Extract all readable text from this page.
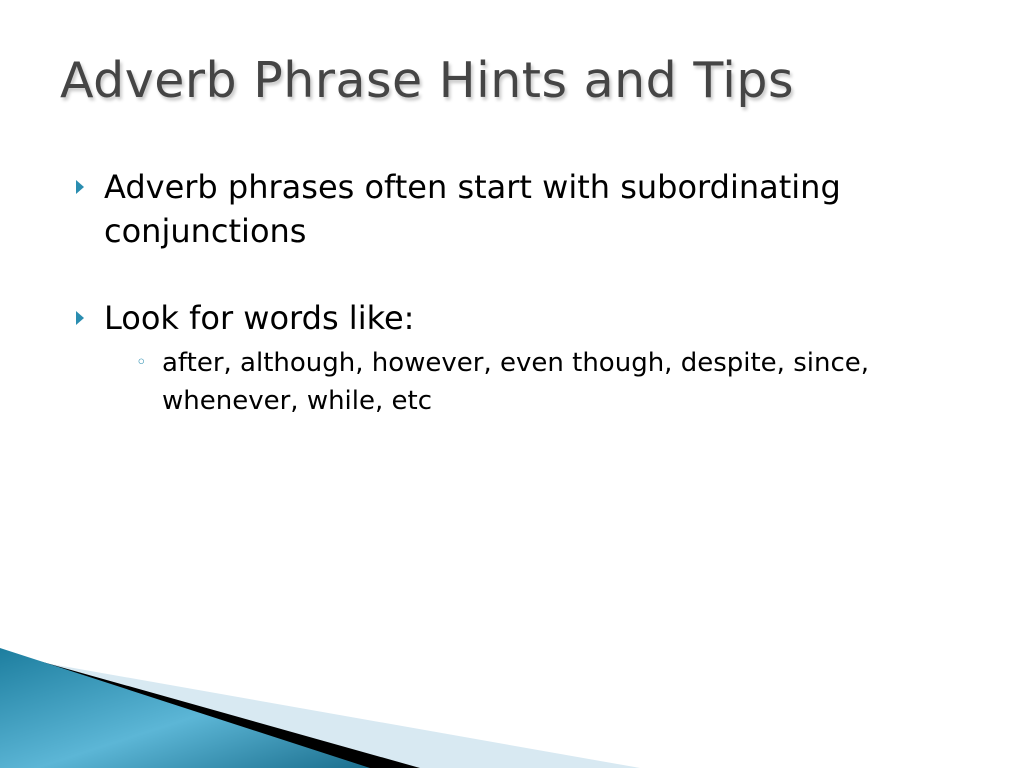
Adverb Phrase Hints and Tips
Adverb phrases often start with subordinating conjunctions
Look for words like:
◦ after, although, however, even though, despite, since, whenever, while, etc
